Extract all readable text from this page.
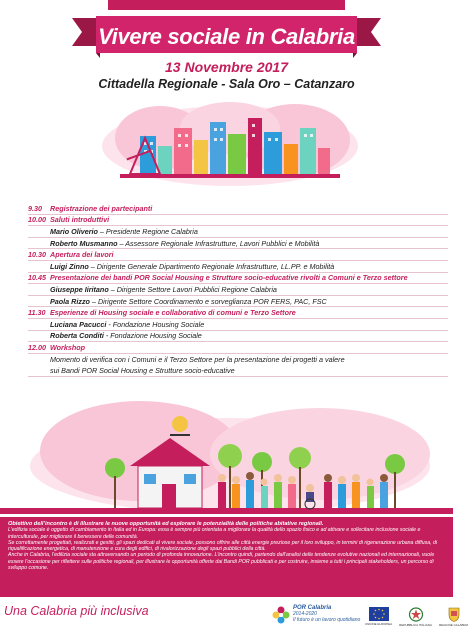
Vivere sociale in Calabria
13 Novembre 2017
Cittadella Regionale - Sala Oro – Catanzaro
9.30	Registrazione dei partecipanti
10.00 Saluti introduttivi
Mario Oliverio – Presidente Regione Calabria
Roberto Musmanno – Assessore Regionale Infrastrutture, Lavori Pubblici e Mobilità
10.30 Apertura dei lavori
Luigi Zinno – Dirigente Generale Dipartimento Regionale Infrastrutture, LL.PP. e Mobilità
10.45 Presentazione dei bandi POR Social Housing e Strutture socio-educative rivolti a Comuni e Terzo settore
Giuseppe Iiritano – Dirigente Settore Lavori Pubblici Regione Calabria
Paola Rizzo – Dirigente Settore Coordinamento e sorveglianza POR FERS, PAC, FSC
11.30 Esperienze di Housing sociale e collaborativo di comuni e Terzo Settore
Luciana Pacucci - Fondazione Housing Sociale
Roberta Conditi - Fondazione Housing Sociale
12.00 Workshop
Momento di verifica con i Comuni e il Terzo Settore per la presentazione dei progetti a valere
sui Bandi POR Social Housing e Strutture socio-educative
Obiettivo dell’incontro è di illustrare le nuove opportunità ed esplorare le potenzialità delle politiche abitative regionali.
L’edilizia sociale è oggetto di cambiamento in Italia ed in Europa: essa è sempre più orientata a migliorare la qualità dello spazio fisico e ad attivare e sollecitare inclusione sociale e interculturale, per migliorare il benessere delle comunità.
Se correttamente progettati, realizzati e gestiti, gli spazi dedicati al vivere sociale, possono offrire alle città energie preziose per il loro sviluppo, in termini di rigenerazione urbana diffusa, di riqualificazione energetica, di manutenzione e cura degli edifici, di rivalorizzazione degli spazi pubblici della città.
Anche in Calabria, l’edilizia sociale sta attraversando un periodo di profonda innovazione. L’incontro quindi, partendo dall’analisi delle tendenze evolutive nazionali ed internazionali, vuole essere l’occasione per riflettere sulle politiche regionali, per illustrare le opportunità offerte dai Bandi POR pubblicati e per costruire, insieme a tutti i principali stakeholders, un percorso di sviluppo comune.
Una Calabria più inclusiva	POR Calabria
2014-2020
Il futuro è un lavoro quotidiano
UNIONE EUROPEA REPUBBLICA ITALIANA REGIONE CALABRIA
